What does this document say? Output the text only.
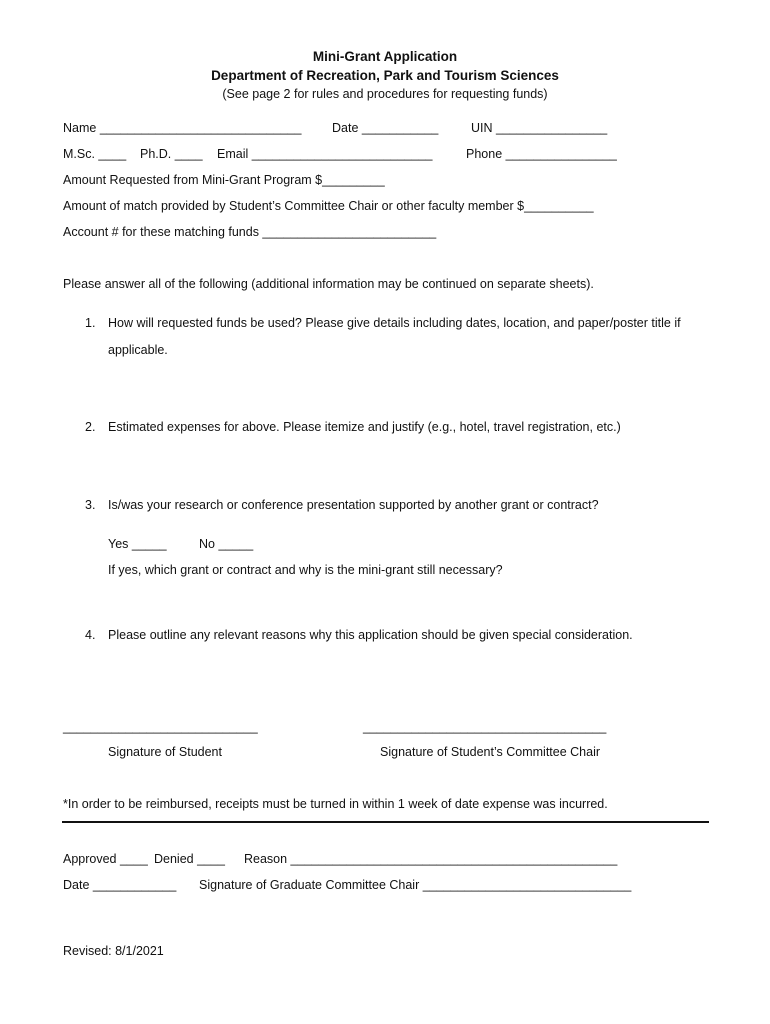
Mini-Grant Application
Department of Recreation, Park and Tourism Sciences
(See page 2 for rules and procedures for requesting funds)
Name _____________________________ Date ___________	UIN ________________
M.Sc. ____ Ph.D. ____ Email __________________________	Phone ________________
Amount Requested from Mini-Grant Program $_________
Amount of match provided by Student’s Committee Chair or other faculty member $__________
Account # for these matching funds _________________________
Please answer all of the following (additional information may be continued on separate sheets).
1. How will requested funds be used? Please give details including dates, location, and paper/poster title if
applicable.
2. Estimated expenses for above. Please itemize and justify (e.g., hotel, travel registration, etc.)
3. Is/was your research or conference presentation supported by another grant or contract?
Yes _____	No _____
If yes, which grant or contract and why is the mini-grant still necessary?
4. Please outline any relevant reasons why this application should be given special consideration.
____________________________	___________________________________
Signature of Student	Signature of Student’s Committee Chair
*In order to be reimbursed, receipts must be turned in within 1 week of date expense was incurred.
Approved ____ Denied ____ Reason _______________________________________________
Date ____________ Signature of Graduate Committee Chair ______________________________
Revised: 8/1/2021
